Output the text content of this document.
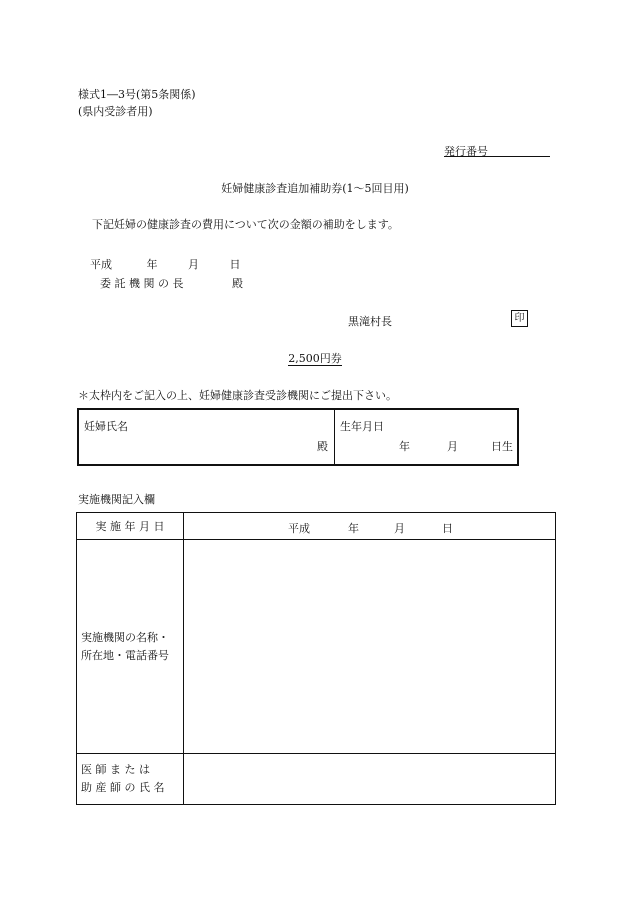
様式1―3号(第5条関係)
(県内受診者用)
発行番号
妊婦健康診査追加補助券(1～5回目用)
下記妊婦の健康診査の費用について次の金額の補助をします。
平成	年	月	日
委 託 機 関 の 長	殿
黒滝村長	印
2,500円券
＊太枠内をご記入の上、妊婦健康診査受診機関にご提出下さい。
妊婦氏名
殿
生年月日
年	月	日生
実施機関記入欄
実 施 年 月 日	平成 年 月 日

実施機関の名称・
所在地・電話番号	

医 師 ま た は
助 産 師 の 氏 名	
